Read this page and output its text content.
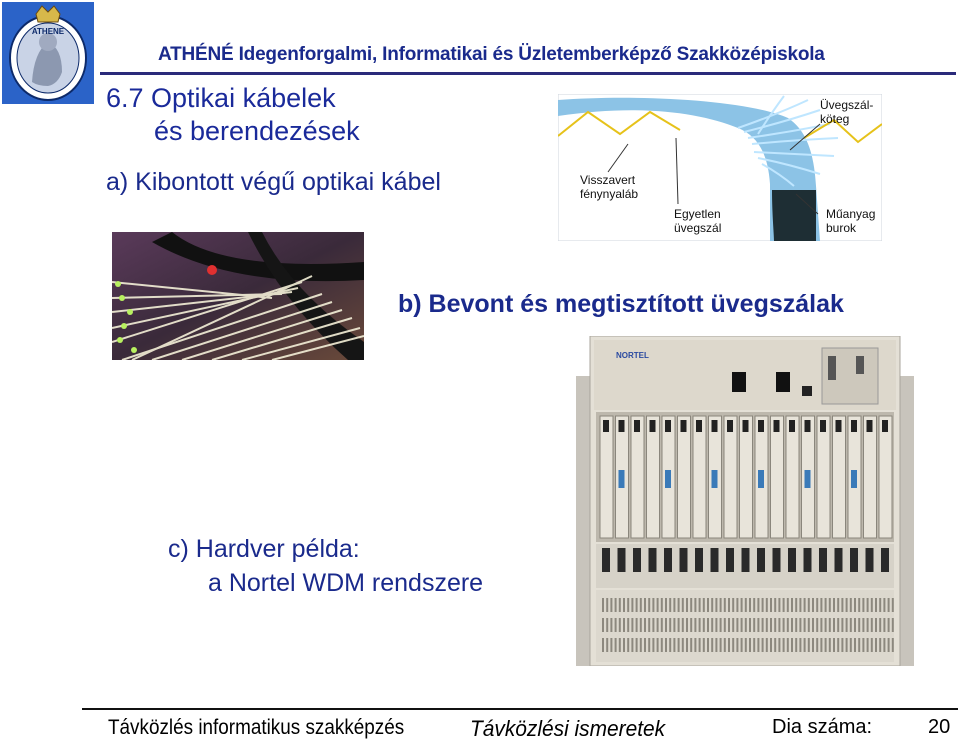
ATHENE
ATHÉNÉ Idegenforgalmi, Informatikai és Üzletemberképző Szakközépiskola
6.7 Optikai kábelek
és berendezések
a) Kibontott végű optikai kábel
Üvegszál-
köteg
Visszavert
fénynyaláb
Egyetlen
üvegszál
Műanyag
burok
b) Bevont és megtisztított üvegszálak
NORTEL
c) Hardver példa:
a Nortel WDM rendszere
Távközlés informatikus szakképzés	Távközlési ismeretek	Dia száma:	20
